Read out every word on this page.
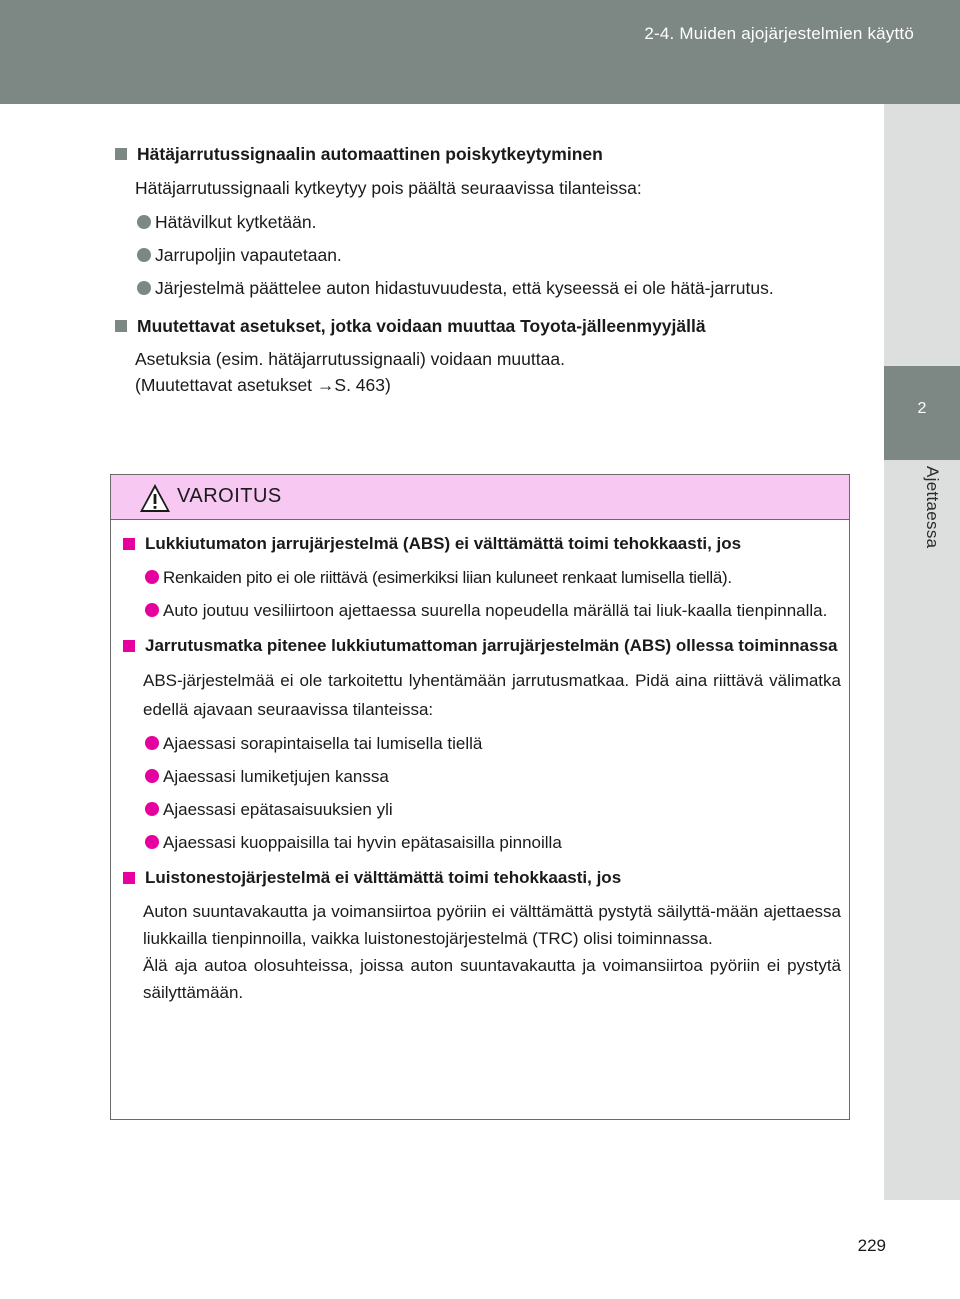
2-4. Muiden ajojärjestelmien käyttö
2
Ajettaessa
Hätäjarrutussignaalin automaattinen poiskytkeytyminen

Hätäjarrutussignaali kytkeytyy pois päältä seuraavissa tilanteissa:

Hätävilkut kytketään.
Jarrupoljin vapautetaan.
Järjestelmä päättelee auton hidastuvuudesta, että kyseessä ei ole hätä-jarrutus.
Muutettavat asetukset, jotka voidaan muuttaa Toyota-jälleenmyyjällä

Asetuksia (esim. hätäjarrutussignaali) voidaan muuttaa.
(Muutettavat asetukset →S. 463)

VAROITUS
Lukkiutumaton jarrujärjestelmä (ABS) ei välttämättä toimi tehokkaasti, jos
Renkaiden pito ei ole riittävä (esimerkiksi liian kuluneet renkaat lumisella tiellä).
Auto joutuu vesiliirtoon ajettaessa suurella nopeudella märällä tai liuk-kaalla tienpinnalla.
Jarrutusmatka pitenee lukkiutumattoman jarrujärjestelmän (ABS) ollessa toiminnassa

ABS-järjestelmää ei ole tarkoitettu lyhentämään jarrutusmatkaa. Pidä aina riittävä välimatka edellä ajavaan seuraavissa tilanteissa:

Ajaessasi sorapintaisella tai lumisella tiellä
Ajaessasi lumiketjujen kanssa
Ajaessasi epätasaisuuksien yli
Ajaessasi kuoppaisilla tai hyvin epätasaisilla pinnoilla
Luistonestojärjestelmä ei välttämättä toimi tehokkaasti, jos

Auton suuntavakautta ja voimansiirtoa pyöriin ei välttämättä pystytä säilyttä-mään ajettaessa liukkailla tienpinnoilla, vaikka luistonestojärjestelmä (TRC) olisi toiminnassa.
Älä aja autoa olosuhteissa, joissa auton suuntavakautta ja voimansiirtoa pyöriin ei pystytä säilyttämään.

229
